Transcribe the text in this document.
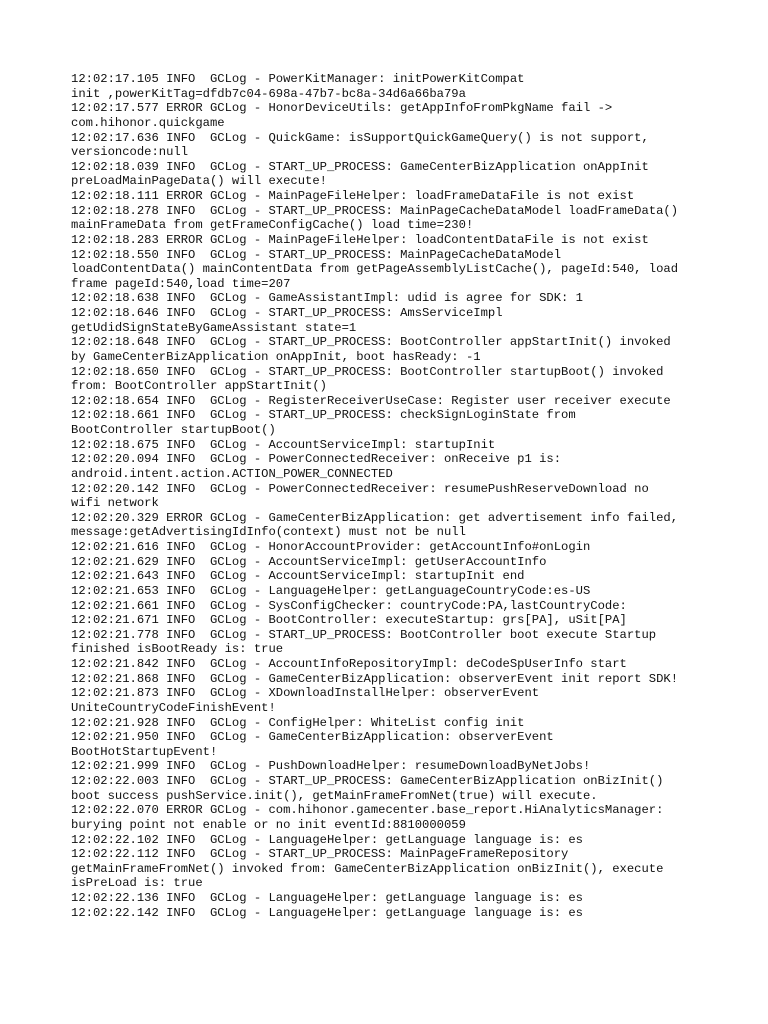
12:02:17.105 INFO  GCLog - PowerKitManager: initPowerKitCompat
init ,powerKitTag=dfdb7c04-698a-47b7-bc8a-34d6a66ba79a
12:02:17.577 ERROR GCLog - HonorDeviceUtils: getAppInfoFromPkgName fail ->
com.hihonor.quickgame
12:02:17.636 INFO  GCLog - QuickGame: isSupportQuickGameQuery() is not support,
versioncode:null
12:02:18.039 INFO  GCLog - START_UP_PROCESS: GameCenterBizApplication onAppInit
preLoadMainPageData() will execute!
12:02:18.111 ERROR GCLog - MainPageFileHelper: loadFrameDataFile is not exist
12:02:18.278 INFO  GCLog - START_UP_PROCESS: MainPageCacheDataModel loadFrameData()
mainFrameData from getFrameConfigCache() load time=230!
12:02:18.283 ERROR GCLog - MainPageFileHelper: loadContentDataFile is not exist
12:02:18.550 INFO  GCLog - START_UP_PROCESS: MainPageCacheDataModel
loadContentData() mainContentData from getPageAssemblyListCache(), pageId:540, load
frame pageId:540,load time=207
12:02:18.638 INFO  GCLog - GameAssistantImpl: udid is agree for SDK: 1
12:02:18.646 INFO  GCLog - START_UP_PROCESS: AmsServiceImpl
getUdidSignStateByGameAssistant state=1
12:02:18.648 INFO  GCLog - START_UP_PROCESS: BootController appStartInit() invoked
by GameCenterBizApplication onAppInit, boot hasReady: -1
12:02:18.650 INFO  GCLog - START_UP_PROCESS: BootController startupBoot() invoked
from: BootController appStartInit()
12:02:18.654 INFO  GCLog - RegisterReceiverUseCase: Register user receiver execute
12:02:18.661 INFO  GCLog - START_UP_PROCESS: checkSignLoginState from
BootController startupBoot()
12:02:18.675 INFO  GCLog - AccountServiceImpl: startupInit
12:02:20.094 INFO  GCLog - PowerConnectedReceiver: onReceive p1 is:
android.intent.action.ACTION_POWER_CONNECTED
12:02:20.142 INFO  GCLog - PowerConnectedReceiver: resumePushReserveDownload no
wifi network
12:02:20.329 ERROR GCLog - GameCenterBizApplication: get advertisement info failed,
message:getAdvertisingIdInfo(context) must not be null
12:02:21.616 INFO  GCLog - HonorAccountProvider: getAccountInfo#onLogin
12:02:21.629 INFO  GCLog - AccountServiceImpl: getUserAccountInfo
12:02:21.643 INFO  GCLog - AccountServiceImpl: startupInit end
12:02:21.653 INFO  GCLog - LanguageHelper: getLanguageCountryCode:es-US
12:02:21.661 INFO  GCLog - SysConfigChecker: countryCode:PA,lastCountryCode:
12:02:21.671 INFO  GCLog - BootController: executeStartup: grs[PA], uSit[PA]
12:02:21.778 INFO  GCLog - START_UP_PROCESS: BootController boot execute Startup
finished isBootReady is: true
12:02:21.842 INFO  GCLog - AccountInfoRepositoryImpl: deCodeSpUserInfo start
12:02:21.868 INFO  GCLog - GameCenterBizApplication: observerEvent init report SDK!
12:02:21.873 INFO  GCLog - XDownloadInstallHelper: observerEvent
UniteCountryCodeFinishEvent!
12:02:21.928 INFO  GCLog - ConfigHelper: WhiteList config init
12:02:21.950 INFO  GCLog - GameCenterBizApplication: observerEvent
BootHotStartupEvent!
12:02:21.999 INFO  GCLog - PushDownloadHelper: resumeDownloadByNetJobs!
12:02:22.003 INFO  GCLog - START_UP_PROCESS: GameCenterBizApplication onBizInit()
boot success pushService.init(), getMainFrameFromNet(true) will execute.
12:02:22.070 ERROR GCLog - com.hihonor.gamecenter.base_report.HiAnalyticsManager:
burying point not enable or no init eventId:8810000059
12:02:22.102 INFO  GCLog - LanguageHelper: getLanguage language is: es
12:02:22.112 INFO  GCLog - START_UP_PROCESS: MainPageFrameRepository
getMainFrameFromNet() invoked from: GameCenterBizApplication onBizInit(), execute
isPreLoad is: true
12:02:22.136 INFO  GCLog - LanguageHelper: getLanguage language is: es
12:02:22.142 INFO  GCLog - LanguageHelper: getLanguage language is: es
